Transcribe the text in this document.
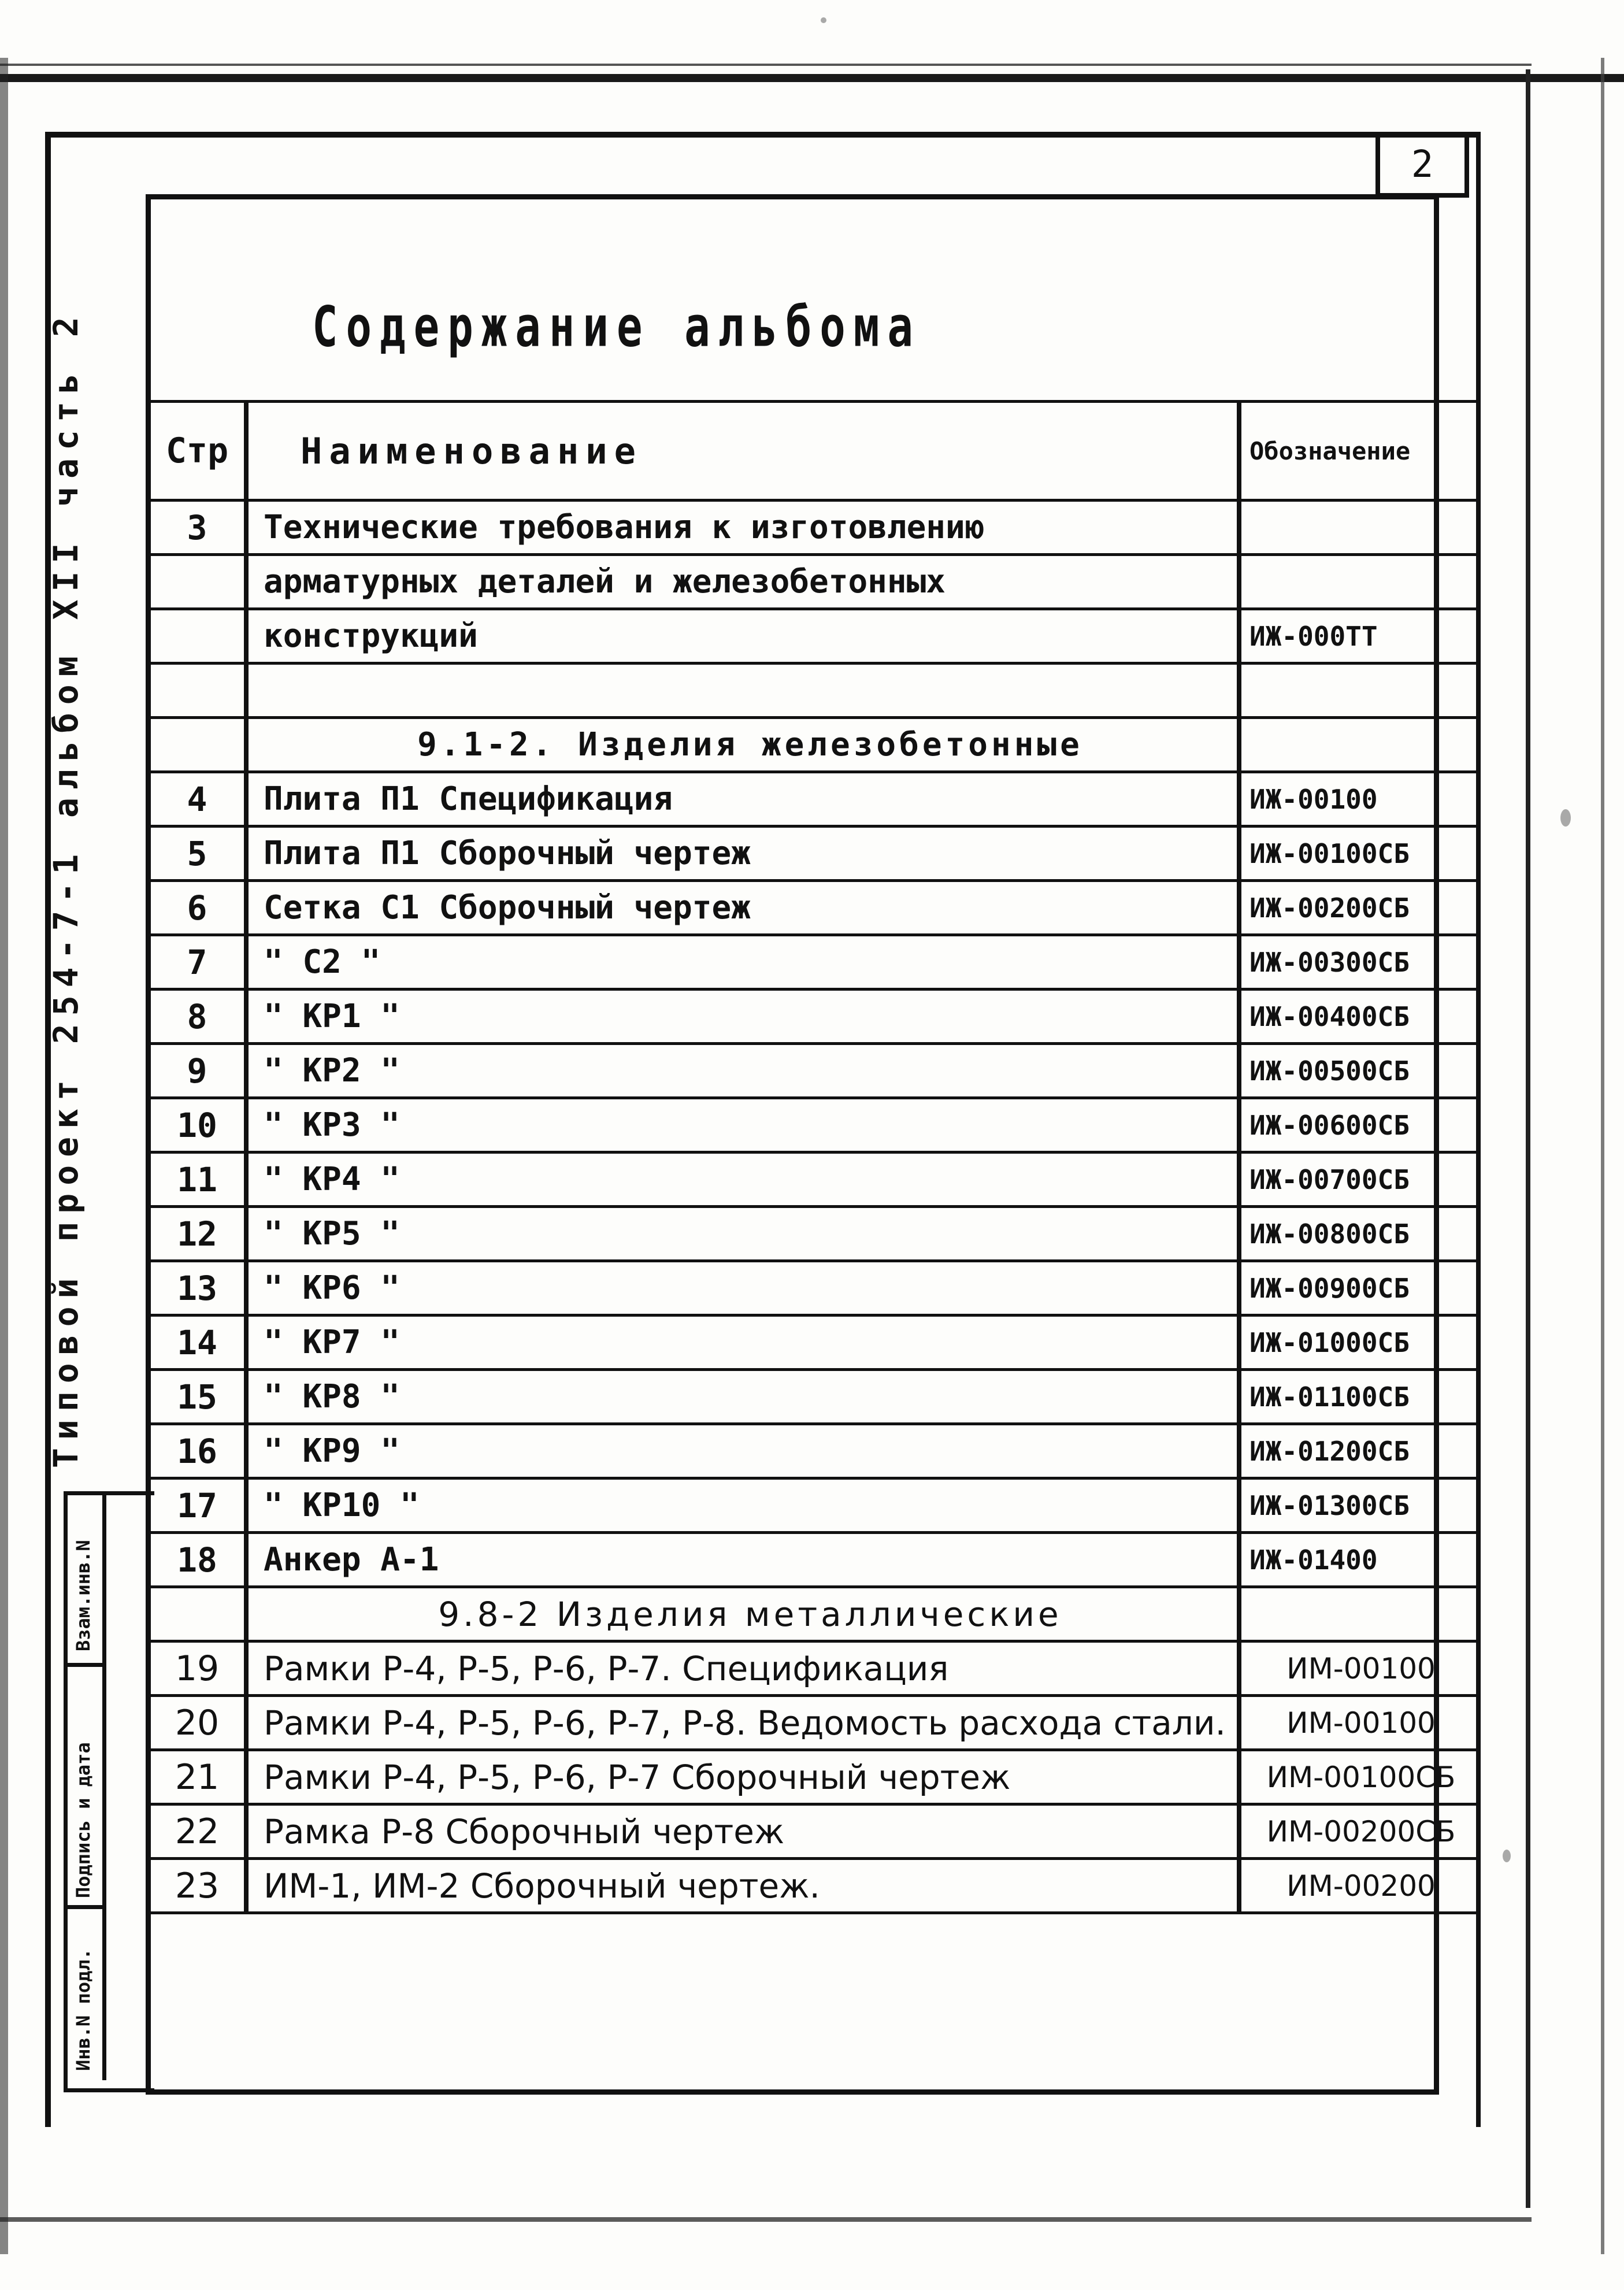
2
Содержание альбома
Стр	Наименование	Обозначение
3	Технические требования к изготовлению	
	арматурных деталей и железобетонных	
	конструкций	ИЖ-000ТТ

	9.1-2. Изделия железобетонные	
4	Плита П1 Спецификация	ИЖ-00100
5	Плита П1 Сборочный чертеж	ИЖ-00100СБ
6	Сетка С1 Сборочный чертеж	ИЖ-00200СБ
7	" С2 "	ИЖ-00300СБ
8	" КР1 "	ИЖ-00400СБ
9	" КР2 "	ИЖ-00500СБ
10	" КР3 "	ИЖ-00600СБ
11	" КР4 "	ИЖ-00700СБ
12	" КР5 "	ИЖ-00800СБ
13	" КР6 "	ИЖ-00900СБ
14	" КР7 "	ИЖ-01000СБ
15	" КР8 "	ИЖ-01100СБ
16	" КР9 "	ИЖ-01200СБ
17	" КР10 "	ИЖ-01300СБ
18	Анкер А-1	ИЖ-01400
	9.8-2 Изделия металлические	
19	Рамки Р-4, Р-5, Р-6, Р-7. Спецификация	ИМ-00100
20	Рамки Р-4, Р-5, Р-6, Р-7, Р-8. Ведомость расхода стали.	ИМ-00100
21	Рамки Р-4, Р-5, Р-6, Р-7 Сборочный чертеж	ИМ-00100СБ
22	Рамка Р-8 Сборочный чертеж	ИМ-00200СБ
23	ИМ-1, ИМ-2 Сборочный чертеж.	ИМ-00200
Типовой проект 254-7-1 альбом XII часть 2
Взам.инв.N
Подпись и дата
Инв.N подл.
